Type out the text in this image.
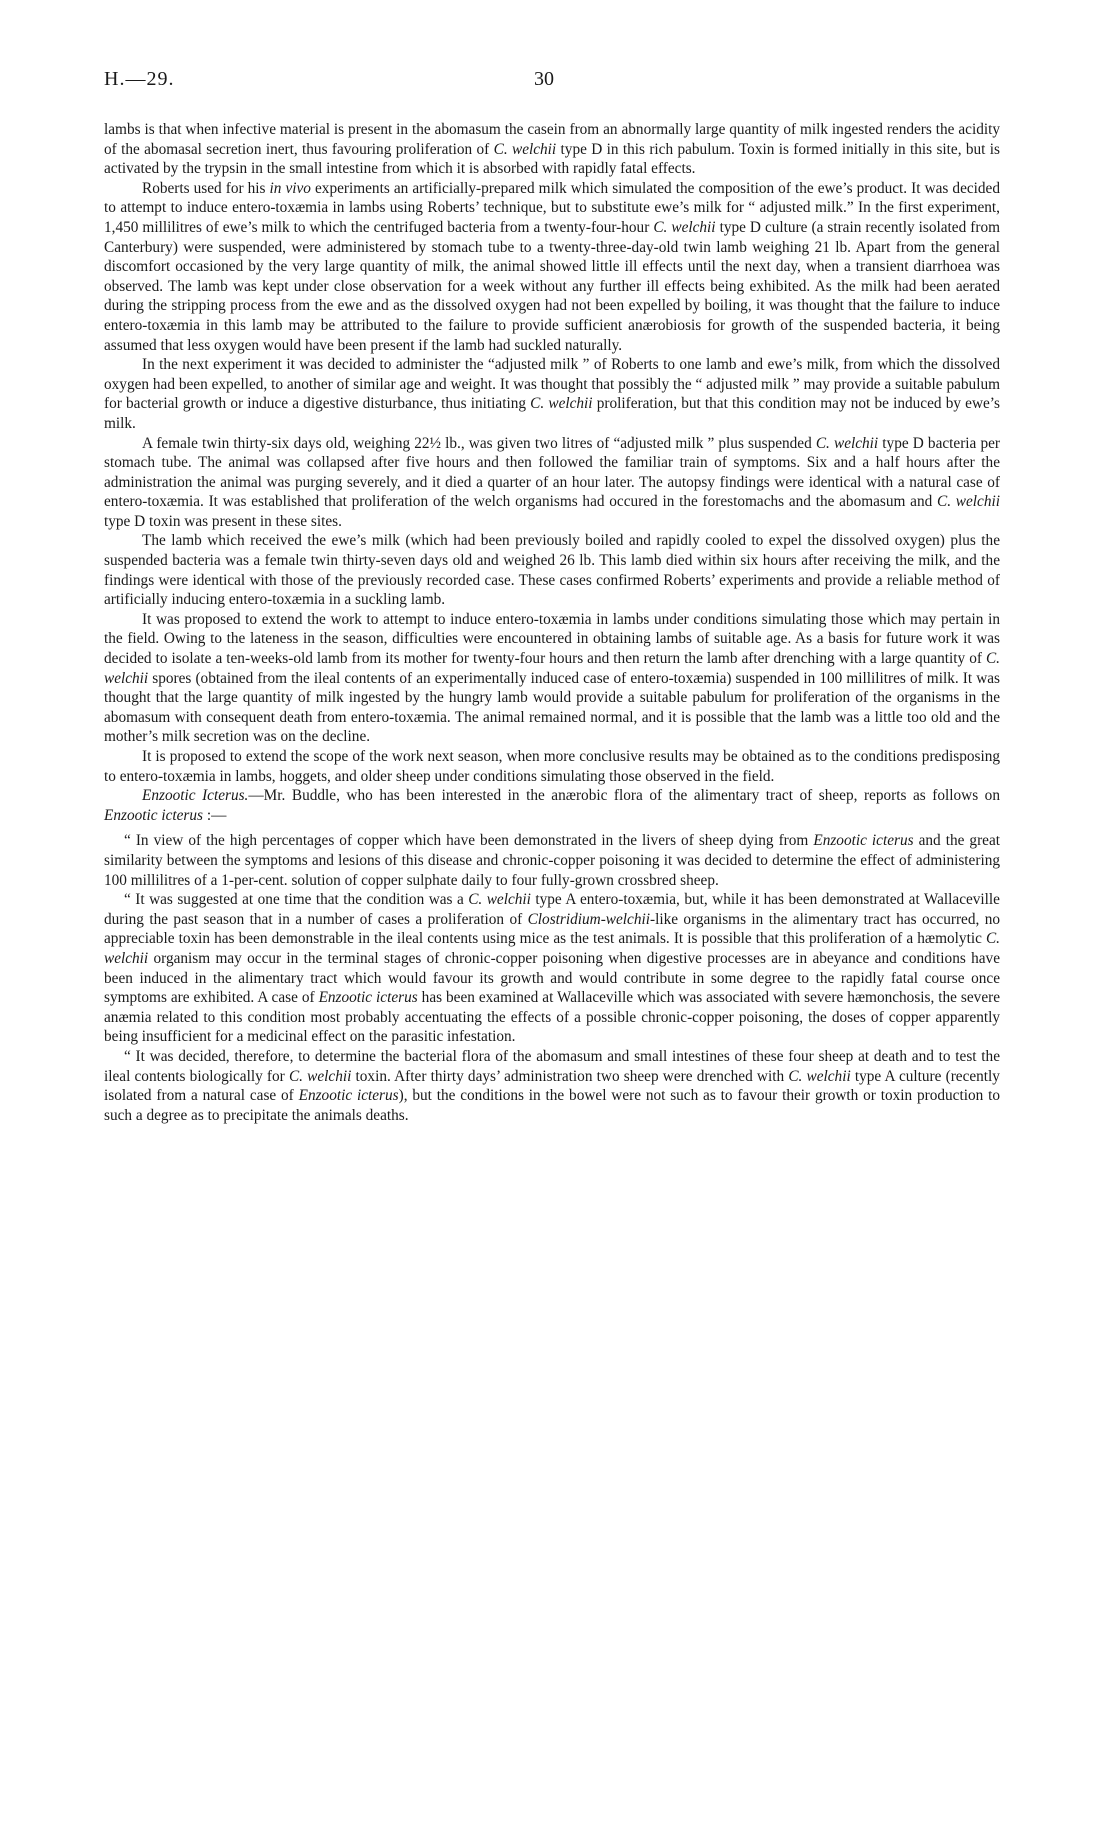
H.—29.	30

lambs is that when infective material is present in the abomasum the casein from an abnormally large quantity of milk ingested renders the acidity of the abomasal secretion inert, thus favouring proliferation of C. welchii type D in this rich pabulum. Toxin is formed initially in this site, but is activated by the trypsin in the small intestine from which it is absorbed with rapidly fatal effects.

Roberts used for his in vivo experiments an artificially-prepared milk which simulated the composition of the ewe’s product. It was decided to attempt to induce entero-toxæmia in lambs using Roberts’ technique, but to substitute ewe’s milk for “ adjusted milk.” In the first experiment, 1,450 millilitres of ewe’s milk to which the centrifuged bacteria from a twenty-four-hour C. welchii type D culture (a strain recently isolated from Canterbury) were suspended, were administered by stomach tube to a twenty-three-day-old twin lamb weighing 21 lb. Apart from the general discomfort occasioned by the very large quantity of milk, the animal showed little ill effects until the next day, when a transient diarrhoea was observed. The lamb was kept under close observation for a week without any further ill effects being exhibited. As the milk had been aerated during the stripping process from the ewe and as the dissolved oxygen had not been expelled by boiling, it was thought that the failure to induce entero-toxæmia in this lamb may be attributed to the failure to provide sufficient anærobiosis for growth of the suspended bacteria, it being assumed that less oxygen would have been present if the lamb had suckled naturally.

In the next experiment it was decided to administer the “adjusted milk ” of Roberts to one lamb and ewe’s milk, from which the dissolved oxygen had been expelled, to another of similar age and weight. It was thought that possibly the “ adjusted milk ” may provide a suitable pabulum for bacterial growth or induce a digestive disturbance, thus initiating C. welchii proliferation, but that this condition may not be induced by ewe’s milk.

A female twin thirty-six days old, weighing 22½ lb., was given two litres of “adjusted milk ” plus suspended C. welchii type D bacteria per stomach tube. The animal was collapsed after five hours and then followed the familiar train of symptoms. Six and a half hours after the administration the animal was purging severely, and it died a quarter of an hour later. The autopsy findings were identical with a natural case of entero-toxæmia. It was established that proliferation of the welch organisms had occured in the forestomachs and the abomasum and C. welchii type D toxin was present in these sites.

The lamb which received the ewe’s milk (which had been previously boiled and rapidly cooled to expel the dissolved oxygen) plus the suspended bacteria was a female twin thirty-seven days old and weighed 26 lb. This lamb died within six hours after receiving the milk, and the findings were identical with those of the previously recorded case. These cases confirmed Roberts’ experiments and provide a reliable method of artificially inducing entero-toxæmia in a suckling lamb.

It was proposed to extend the work to attempt to induce entero-toxæmia in lambs under conditions simulating those which may pertain in the field. Owing to the lateness in the season, difficulties were encountered in obtaining lambs of suitable age. As a basis for future work it was decided to isolate a ten-weeks-old lamb from its mother for twenty-four hours and then return the lamb after drenching with a large quantity of C. welchii spores (obtained from the ileal contents of an experimentally induced case of entero-toxæmia) suspended in 100 millilitres of milk. It was thought that the large quantity of milk ingested by the hungry lamb would provide a suitable pabulum for proliferation of the organisms in the abomasum with consequent death from entero-toxæmia. The animal remained normal, and it is possible that the lamb was a little too old and the mother’s milk secretion was on the decline.

It is proposed to extend the scope of the work next season, when more conclusive results may be obtained as to the conditions predisposing to entero-toxæmia in lambs, hoggets, and older sheep under conditions simulating those observed in the field.

Enzootic Icterus.—Mr. Buddle, who has been interested in the anærobic flora of the alimentary tract of sheep, reports as follows on Enzootic icterus :—

“ In view of the high percentages of copper which have been demonstrated in the livers of sheep dying from Enzootic icterus and the great similarity between the symptoms and lesions of this disease and chronic-copper poisoning it was decided to determine the effect of administering 100 millilitres of a 1-per-cent. solution of copper sulphate daily to four fully-grown crossbred sheep.

“ It was suggested at one time that the condition was a C. welchii type A entero-toxæmia, but, while it has been demonstrated at Wallaceville during the past season that in a number of cases a proliferation of Clostridium-welchii-like organisms in the alimentary tract has occurred, no appreciable toxin has been demonstrable in the ileal contents using mice as the test animals. It is possible that this proliferation of a hæmolytic C. welchii organism may occur in the terminal stages of chronic-copper poisoning when digestive processes are in abeyance and conditions have been induced in the alimentary tract which would favour its growth and would contribute in some degree to the rapidly fatal course once symptoms are exhibited. A case of Enzootic icterus has been examined at Wallaceville which was associated with severe hæmonchosis, the severe anæmia related to this condition most probably accentuating the effects of a possible chronic-copper poisoning, the doses of copper apparently being insufficient for a medicinal effect on the parasitic infestation.

“ It was decided, therefore, to determine the bacterial flora of the abomasum and small intestines of these four sheep at death and to test the ileal contents biologically for C. welchii toxin. After thirty days’ administration two sheep were drenched with C. welchii type A culture (recently isolated from a natural case of Enzootic icterus), but the conditions in the bowel were not such as to favour their growth or toxin production to such a degree as to precipitate the animals deaths.
